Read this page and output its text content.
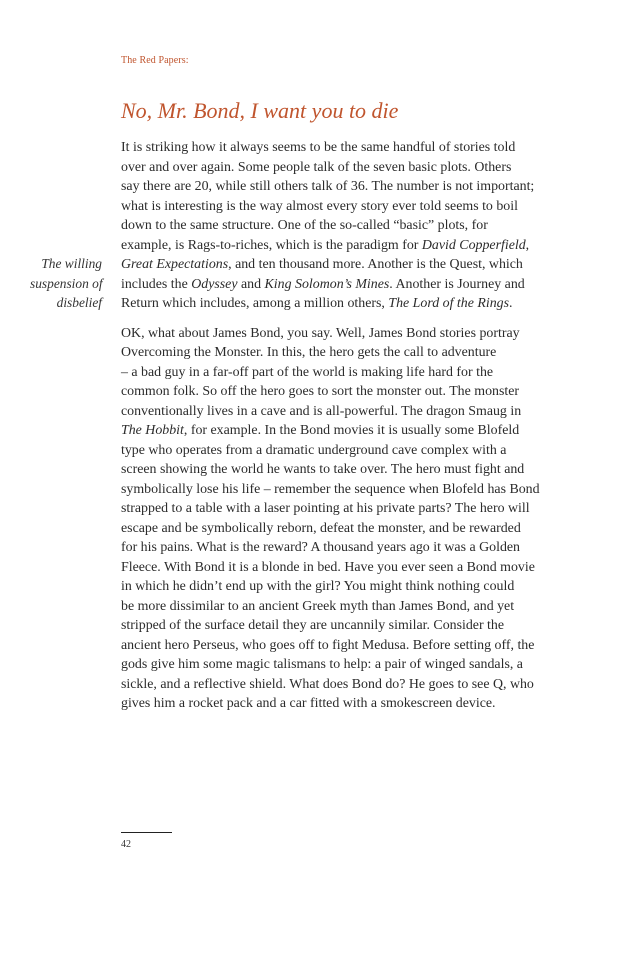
The Red Papers:
No, Mr. Bond, I want you to die
The willing
suspension of
disbelief
It is striking how it always seems to be the same handful of stories told
over and over again. Some people talk of the seven basic plots. Others
say there are 20, while still others talk of 36. The number is not important;
what is interesting is the way almost every story ever told seems to boil
down to the same structure. One of the so-called “basic” plots, for
example, is Rags-to-riches, which is the paradigm for David Copperfield,
Great Expectations, and ten thousand more. Another is the Quest, which
includes the Odyssey and King Solomon’s Mines. Another is Journey and
Return which includes, among a million others, The Lord of the Rings.
OK, what about James Bond, you say. Well, James Bond stories portray
Overcoming the Monster. In this, the hero gets the call to adventure
– a bad guy in a far-off part of the world is making life hard for the
common folk. So off the hero goes to sort the monster out. The monster
conventionally lives in a cave and is all-powerful. The dragon Smaug in
The Hobbit, for example. In the Bond movies it is usually some Blofeld
type who operates from a dramatic underground cave complex with a
screen showing the world he wants to take over. The hero must fight and
symbolically lose his life – remember the sequence when Blofeld has Bond
strapped to a table with a laser pointing at his private parts? The hero will
escape and be symbolically reborn, defeat the monster, and be rewarded
for his pains. What is the reward? A thousand years ago it was a Golden
Fleece. With Bond it is a blonde in bed. Have you ever seen a Bond movie
in which he didn’t end up with the girl? You might think nothing could
be more dissimilar to an ancient Greek myth than James Bond, and yet
stripped of the surface detail they are uncannily similar. Consider the
ancient hero Perseus, who goes off to fight Medusa. Before setting off, the
gods give him some magic talismans to help: a pair of winged sandals, a
sickle, and a reflective shield. What does Bond do? He goes to see Q, who
gives him a rocket pack and a car fitted with a smokescreen device.
42
